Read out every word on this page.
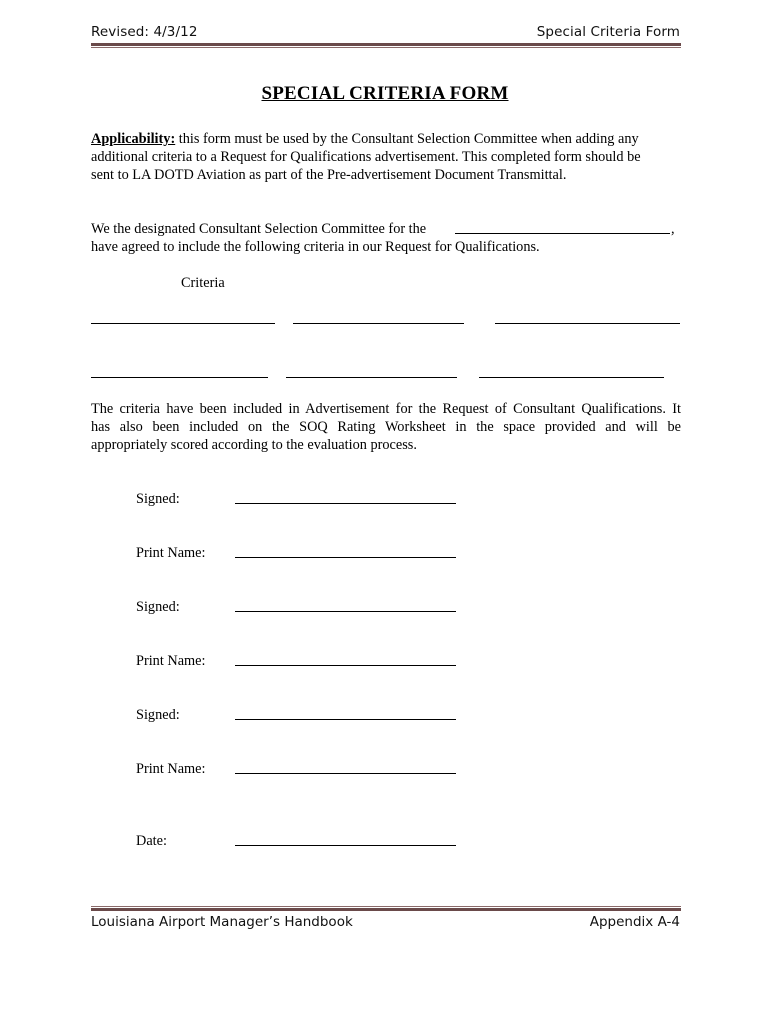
Revised: 4/3/12	Special Criteria Form
SPECIAL CRITERIA FORM
Applicability: this form must be used by the Consultant Selection Committee when adding any
additional criteria to a Request for Qualifications advertisement. This completed form should be
sent to LA DOTD Aviation as part of the Pre-advertisement Document Transmittal.
We the designated Consultant Selection Committee for the	,
have agreed to include the following criteria in our Request for Qualifications.
Criteria
The criteria have been included in Advertisement for the Request of Consultant Qualifications. It
has also been included on the SOQ Rating Worksheet in the space provided and will be
appropriately scored according to the evaluation process.
Signed:
Print Name:
Signed:
Print Name:
Signed:
Print Name:
Date:
Louisiana Airport Manager’s Handbook	Appendix A-4
